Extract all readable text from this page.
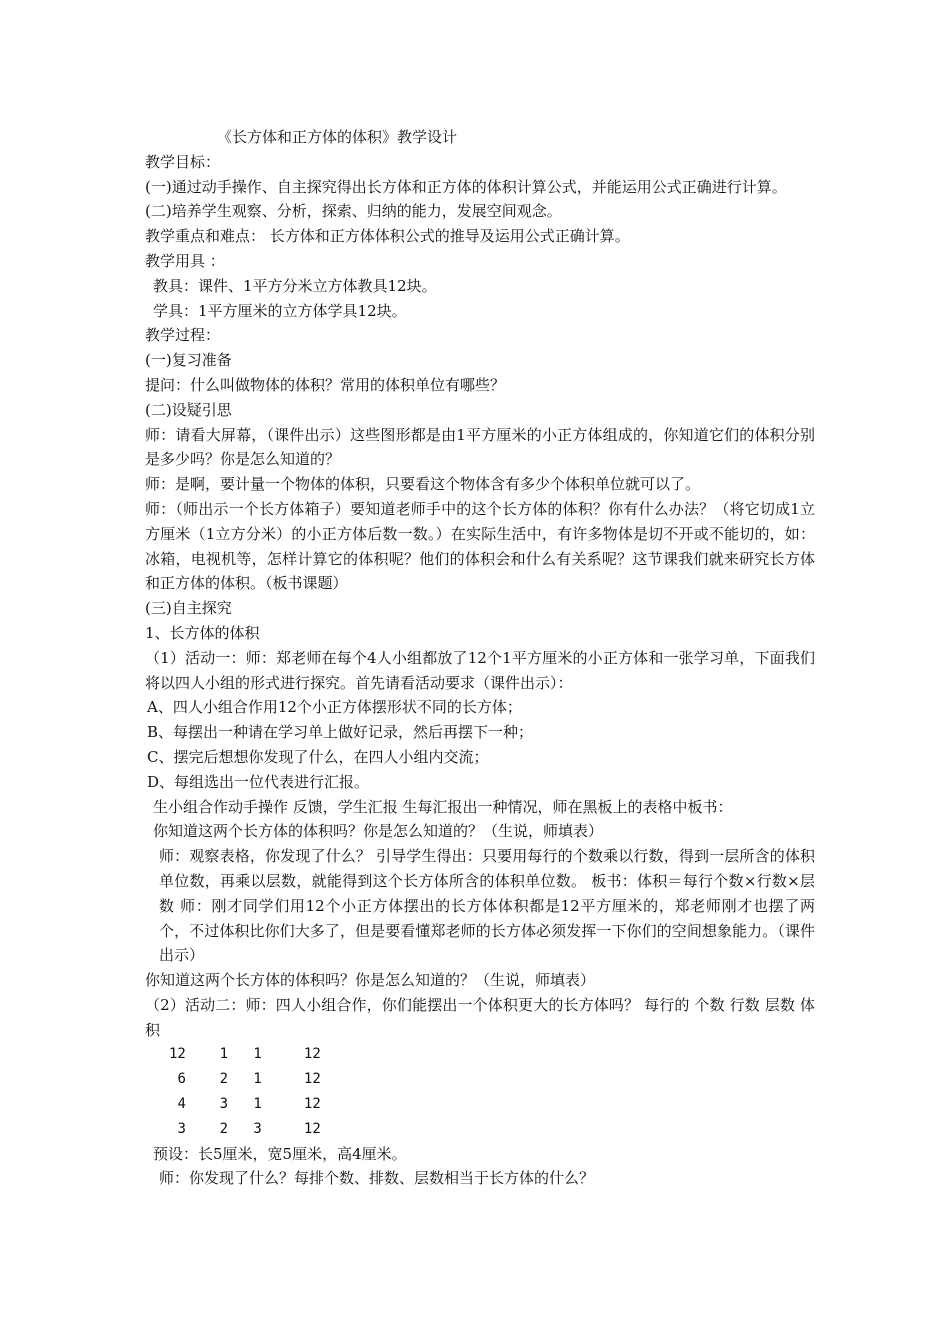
《长方体和正方体的体积》教学设计
教学目标：
(一)通过动手操作、自主探究得出长方体和正方体的体积计算公式，并能运用公式正确进行计算。
(二)培养学生观察、分析，探索、归纳的能力，发展空间观念。
教学重点和难点： 长方体和正方体体积公式的推导及运用公式正确计算。
教学用具 ：
教具：课件、1平方分米立方体教具12块。
学具：1平方厘米的立方体学具12块。
教学过程：
(一)复习准备
提问：什么叫做物体的体积？常用的体积单位有哪些？
(二)设疑引思
师：请看大屏幕，（课件出示）这些图形都是由1平方厘米的小正方体组成的，你知道它们的体积分别是多少吗？你是怎么知道的？
师：是啊，要计量一个物体的体积，只要看这个物体含有多少个体积单位就可以了。
师：（师出示一个长方体箱子）要知道老师手中的这个长方体的体积？你有什么办法？（将它切成1立方厘米（1立方分米）的小正方体后数一数。）在实际生活中，有许多物体是切不开或不能切的，如：冰箱，电视机等，怎样计算它的体积呢？他们的体积会和什么有关系呢？这节课我们就来研究长方体和正方体的体积。（板书课题）
(三)自主探究
1、长方体的体积
（1）活动一：师：郑老师在每个4人小组都放了12个1平方厘米的小正方体和一张学习单，下面我们将以四人小组的形式进行探究。首先请看活动要求（课件出示）：
A、四人小组合作用12个小正方体摆形状不同的长方体；
B、每摆出一种请在学习单上做好记录，然后再摆下一种；
C、摆完后想想你发现了什么，在四人小组内交流；
D、每组选出一位代表进行汇报。
生小组合作动手操作 反馈，学生汇报 生每汇报出一种情况，师在黑板上的表格中板书：
你知道这两个长方体的体积吗？你是怎么知道的？（生说，师填表）
师：观察表格，你发现了什么？ 引导学生得出：只要用每行的个数乘以行数，得到一层所含的体积单位数，再乘以层数，就能得到这个长方体所含的体积单位数。 板书：体积＝每行个数×行数×层数 师：刚才同学们用12个小正方体摆出的长方体体积都是12平方厘米的，郑老师刚才也摆了两个，不过体积比你们大多了，但是要看懂郑老师的长方体必须发挥一下你们的空间想象能力。（课件出示）
你知道这两个长方体的体积吗？你是怎么知道的？（生说，师填表）
（2）活动二：师：四人小组合作，你们能摆出一个体积更大的长方体吗？ 每行的 个数 行数 层数 体积
12 1 1	12
6 2 1	12
4 3 1	12
3 2 3	12
预设：长5厘米，宽5厘米，高4厘米。
师：你发现了什么？每排个数、排数、层数相当于长方体的什么？
